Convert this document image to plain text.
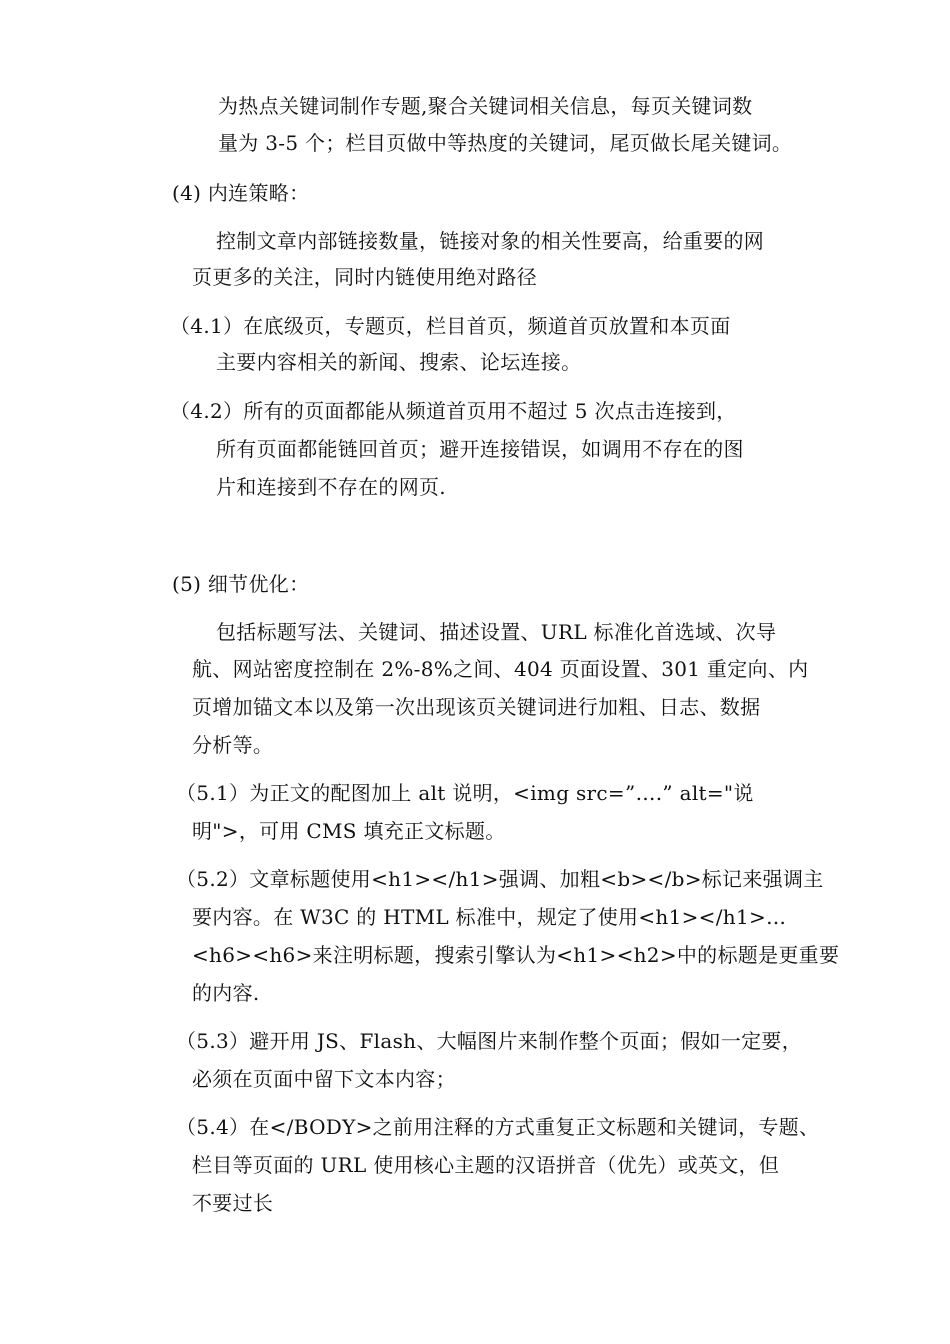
为热点关键词制作专题,聚合关键词相关信息，每页关键词数
量为 3-5 个；栏目页做中等热度的关键词，尾页做长尾关键词。
(4) 内连策略：
控制文章内部链接数量，链接对象的相关性要高，给重要的网
页更多的关注，同时内链使用绝对路径
（4.1）在底级页，专题页，栏目首页，频道首页放置和本页面
主要内容相关的新闻、搜索、论坛连接。
（4.2）所有的页面都能从频道首页用不超过 5 次点击连接到，
所有页面都能链回首页；避开连接错误，如调用不存在的图
片和连接到不存在的网页.
(5) 细节优化：
包括标题写法、关键词、描述设置、URL 标准化首选域、次导
航、网站密度控制在 2%-8%之间、404 页面设置、301 重定向、内
页增加锚文本以及第一次出现该页关键词进行加粗、日志、数据
分析等。
（5.1）为正文的配图加上 alt 说明，<img src=”….” alt="说
明">，可用 CMS 填充正文标题。
（5.2）文章标题使用<h1></h1>强调、加粗<b></b>标记来强调主
要内容。在 W3C 的 HTML 标准中，规定了使用<h1></h1>…
<h6><h6>来注明标题，搜索引擎认为<h1><h2>中的标题是更重要
的内容.
（5.3）避开用 JS、Flash、大幅图片来制作整个页面；假如一定要，
必须在页面中留下文本内容；
（5.4）在</BODY>之前用注释的方式重复正文标题和关键词，专题、
栏目等页面的 URL 使用核心主题的汉语拼音（优先）或英文，但
不要过长
